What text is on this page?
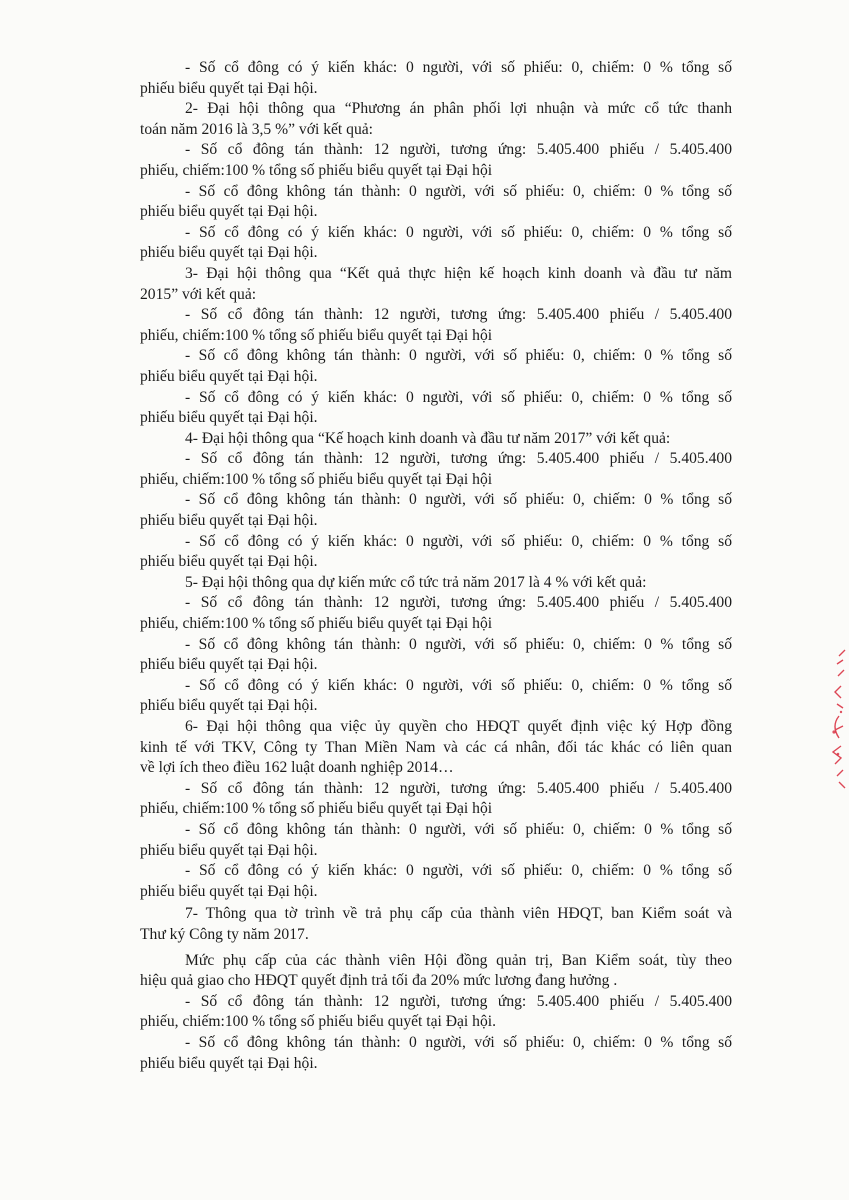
- Số cổ đông có ý kiến khác: 0 người, với số phiếu: 0, chiếm: 0 % tổng số
phiếu biểu quyết tại Đại hội.
2- Đại hội thông qua “Phương án phân phối lợi nhuận và mức cổ tức thanh
toán năm 2016 là 3,5 %” với kết quả:
- Số cổ đông tán thành: 12 người, tương ứng: 5.405.400 phiếu / 5.405.400
phiếu, chiếm:100 % tổng số phiếu biểu quyết tại Đại hội
- Số cổ đông không tán thành: 0 người, với số phiếu: 0, chiếm: 0 % tổng số
phiếu biểu quyết tại Đại hội.
- Số cổ đông có ý kiến khác: 0 người, với số phiếu: 0, chiếm: 0 % tổng số
phiếu biểu quyết tại Đại hội.
3- Đại hội thông qua “Kết quả thực hiện kế hoạch kinh doanh và đầu tư năm
2015” với kết quả:
- Số cổ đông tán thành: 12 người, tương ứng: 5.405.400 phiếu / 5.405.400
phiếu, chiếm:100 % tổng số phiếu biểu quyết tại Đại hội
- Số cổ đông không tán thành: 0 người, với số phiếu: 0, chiếm: 0 % tổng số
phiếu biểu quyết tại Đại hội.
- Số cổ đông có ý kiến khác: 0 người, với số phiếu: 0, chiếm: 0 % tổng số
phiếu biểu quyết tại Đại hội.
4- Đại hội thông qua “Kế hoạch kinh doanh và đầu tư năm 2017” với kết quả:
- Số cổ đông tán thành: 12 người, tương ứng: 5.405.400 phiếu / 5.405.400
phiếu, chiếm:100 % tổng số phiếu biểu quyết tại Đại hội
- Số cổ đông không tán thành: 0 người, với số phiếu: 0, chiếm: 0 % tổng số
phiếu biểu quyết tại Đại hội.
- Số cổ đông có ý kiến khác: 0 người, với số phiếu: 0, chiếm: 0 % tổng số
phiếu biểu quyết tại Đại hội.
5- Đại hội thông qua dự kiến mức cổ tức trả năm 2017 là 4 % với kết quả:
- Số cổ đông tán thành: 12 người, tương ứng: 5.405.400 phiếu / 5.405.400
phiếu, chiếm:100 % tổng số phiếu biểu quyết tại Đại hội
- Số cổ đông không tán thành: 0 người, với số phiếu: 0, chiếm: 0 % tổng số
phiếu biểu quyết tại Đại hội.
- Số cổ đông có ý kiến khác: 0 người, với số phiếu: 0, chiếm: 0 % tổng số
phiếu biểu quyết tại Đại hội.
6- Đại hội thông qua việc ủy quyền cho HĐQT quyết định việc ký Hợp đồng
kinh tế với TKV, Công ty Than Miền Nam và các cá nhân, đối tác khác có liên quan
về lợi ích theo điều 162 luật doanh nghiệp 2014…
- Số cổ đông tán thành: 12 người, tương ứng: 5.405.400 phiếu / 5.405.400
phiếu, chiếm:100 % tổng số phiếu biểu quyết tại Đại hội
- Số cổ đông không tán thành: 0 người, với số phiếu: 0, chiếm: 0 % tổng số
phiếu biểu quyết tại Đại hội.
- Số cổ đông có ý kiến khác: 0 người, với số phiếu: 0, chiếm: 0 % tổng số
phiếu biểu quyết tại Đại hội.
7- Thông qua tờ trình về trả phụ cấp của thành viên HĐQT, ban Kiểm soát và
Thư ký Công ty năm 2017.
Mức phụ cấp của các thành viên Hội đồng quản trị, Ban Kiểm soát, tùy theo
hiệu quả giao cho HĐQT quyết định trả tối đa 20% mức lương đang hưởng .
- Số cổ đông tán thành: 12 người, tương ứng: 5.405.400 phiếu / 5.405.400
phiếu, chiếm:100 % tổng số phiếu biểu quyết tại Đại hội.
- Số cổ đông không tán thành: 0 người, với số phiếu: 0, chiếm: 0 % tổng số
phiếu biểu quyết tại Đại hội.
